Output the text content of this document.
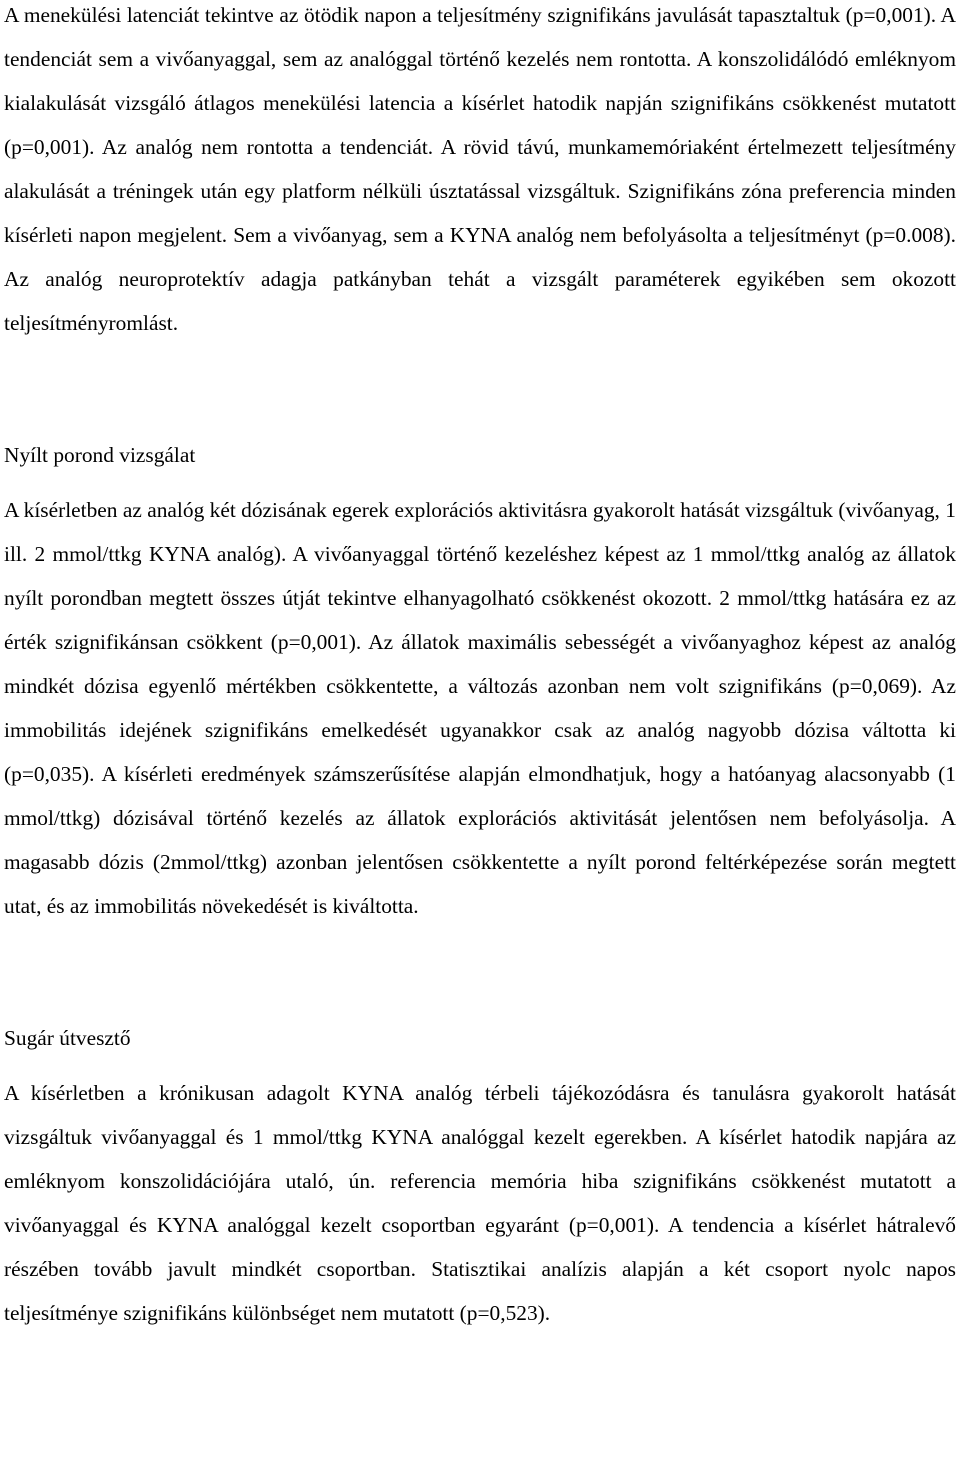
A menekülési latenciát tekintve az ötödik napon a teljesítmény szignifikáns javulását tapasztaltuk (p=0,001). A tendenciát sem a vivőanyaggal, sem az analóggal történő kezelés nem rontotta. A konszolidálódó emléknyom kialakulását vizsgáló átlagos menekülési latencia a kísérlet hatodik napján szignifikáns csökkenést mutatott (p=0,001). Az analóg nem rontotta a tendenciát. A rövid távú, munkamemóriaként értelmezett teljesítmény alakulását a tréningek után egy platform nélküli úsztatással vizsgáltuk. Szignifikáns zóna preferencia minden kísérleti napon megjelent. Sem a vivőanyag, sem a KYNA analóg nem befolyásolta a teljesítményt (p=0.008). Az analóg neuroprotektív adagja patkányban tehát a vizsgált paraméterek egyikében sem okozott teljesítményromlást.

Nyílt porond vizsgálat

A kísérletben az analóg két dózisának egerek explorációs aktivitásra gyakorolt hatását vizsgáltuk (vivőanyag, 1 ill. 2 mmol/ttkg KYNA analóg). A vivőanyaggal történő kezeléshez képest az 1 mmol/ttkg analóg az állatok nyílt porondban megtett összes útját tekintve elhanyagolható csökkenést okozott. 2 mmol/ttkg hatására ez az érték szignifikánsan csökkent (p=0,001). Az állatok maximális sebességét a vivőanyaghoz képest az analóg mindkét dózisa egyenlő mértékben csökkentette, a változás azonban nem volt szignifikáns (p=0,069). Az immobilitás idejének szignifikáns emelkedését ugyanakkor csak az analóg nagyobb dózisa váltotta ki (p=0,035). A kísérleti eredmények számszerűsítése alapján elmondhatjuk, hogy a hatóanyag alacsonyabb (1 mmol/ttkg) dózisával történő kezelés az állatok explorációs aktivitását jelentősen nem befolyásolja. A magasabb dózis (2mmol/ttkg) azonban jelentősen csökkentette a nyílt porond feltérképezése során megtett utat, és az immobilitás növekedését is kiváltotta.

Sugár útvesztő

A kísérletben a krónikusan adagolt KYNA analóg térbeli tájékozódásra és tanulásra gyakorolt hatását vizsgáltuk vivőanyaggal és 1 mmol/ttkg KYNA analóggal kezelt egerekben. A kísérlet hatodik napjára az emléknyom konszolidációjára utaló, ún. referencia memória hiba szignifikáns csökkenést mutatott a vivőanyaggal és KYNA analóggal kezelt csoportban egyaránt (p=0,001). A tendencia a kísérlet hátralevő részében tovább javult mindkét csoportban. Statisztikai analízis alapján a két csoport nyolc napos teljesítménye szignifikáns különbséget nem mutatott (p=0,523).
